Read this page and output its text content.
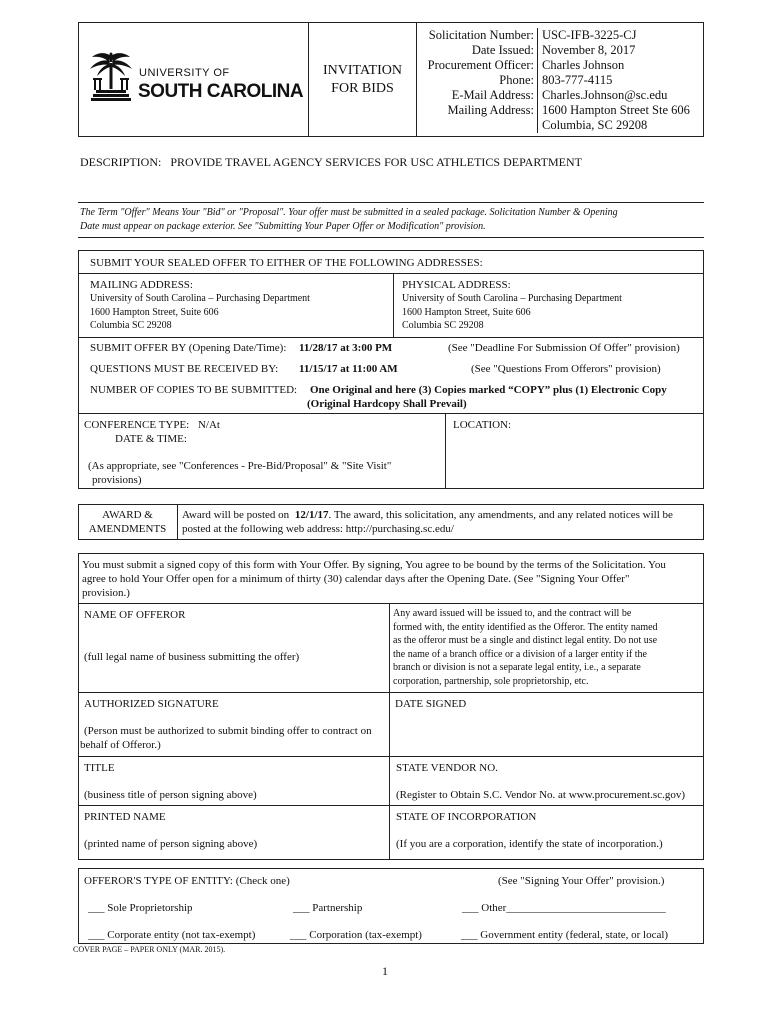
UNIVERSITY OF
SOUTH CAROLINA
INVITATION
FOR BIDS
Solicitation Number: USC-IFB-3225-CJ
Date Issued: November 8, 2017
Procurement Officer: Charles Johnson
Phone: 803-777-4115
E-Mail Address: Charles.Johnson@sc.edu
Mailing Address: 1600 Hampton Street Ste 606
Columbia, SC 29208
DESCRIPTION: PROVIDE TRAVEL AGENCY SERVICES FOR USC ATHLETICS DEPARTMENT
The Term "Offer" Means Your "Bid" or "Proposal". Your offer must be submitted in a sealed package. Solicitation Number & Opening
Date must appear on package exterior. See "Submitting Your Paper Offer or Modification" provision.
SUBMIT YOUR SEALED OFFER TO EITHER OF THE FOLLOWING ADDRESSES:
MAILING ADDRESS:
University of South Carolina – Purchasing Department
1600 Hampton Street, Suite 606
Columbia SC 29208
PHYSICAL ADDRESS:
University of South Carolina – Purchasing Department
1600 Hampton Street, Suite 606
Columbia SC 29208
SUBMIT OFFER BY (Opening Date/Time): 11/28/17 at 3:00 PM	(See "Deadline For Submission Of Offer" provision)
QUESTIONS MUST BE RECEIVED BY: 11/15/17 at 11:00 AM	(See "Questions From Offerors" provision)
NUMBER OF COPIES TO BE SUBMITTED: One Original and here (3) Copies marked “COPY” plus (1) Electronic Copy
(Original Hardcopy Shall Prevail)
CONFERENCE TYPE: N/At
DATE & TIME:
(As appropriate, see "Conferences - Pre-Bid/Proposal" & "Site Visit"
provisions)
LOCATION:
AWARD &
AMENDMENTS
Award will be posted on 12/1/17. The award, this solicitation, any amendments, and any related notices will be
posted at the following web address: http://purchasing.sc.edu/
You must submit a signed copy of this form with Your Offer. By signing, You agree to be bound by the terms of the Solicitation. You
agree to hold Your Offer open for a minimum of thirty (30) calendar days after the Opening Date. (See "Signing Your Offer"
provision.)
NAME OF OFFEROR
(full legal name of business submitting the offer)
Any award issued will be issued to, and the contract will be
formed with, the entity identified as the Offeror. The entity named
as the offeror must be a single and distinct legal entity. Do not use
the name of a branch office or a division of a larger entity if the
branch or division is not a separate legal entity, i.e., a separate
corporation, partnership, sole proprietorship, etc.
AUTHORIZED SIGNATURE
(Person must be authorized to submit binding offer to contract on
behalf of Offeror.)
DATE SIGNED
TITLE
(business title of person signing above)
STATE VENDOR NO.
(Register to Obtain S.C. Vendor No. at www.procurement.sc.gov)
PRINTED NAME
(printed name of person signing above)
STATE OF INCORPORATION
(If you are a corporation, identify the state of incorporation.)
OFFEROR'S TYPE OF ENTITY: (Check one)	(See "Signing Your Offer" provision.)
___ Sole Proprietorship	___ Partnership	___ Other_____________________________
___ Corporate entity (not tax-exempt)	___ Corporation (tax-exempt)	___ Government entity (federal, state, or local)
COVER PAGE – PAPER ONLY (MAR. 2015).
1
